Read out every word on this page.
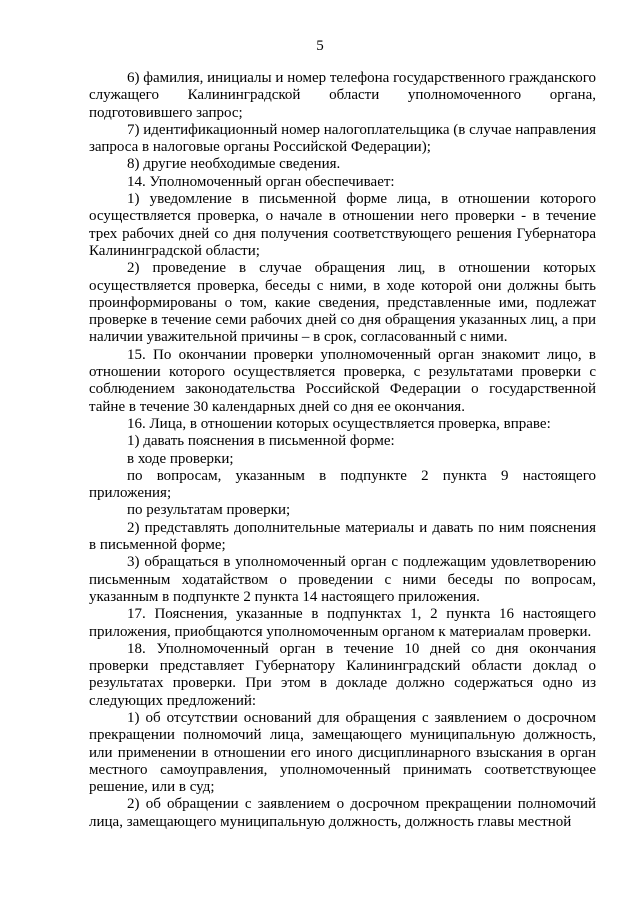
5

6) фамилия, инициалы и номер телефона государственного гражданского служащего Калининградской области уполномоченного органа, подготовившего запрос;

7) идентификационный номер налогоплательщика (в случае направления запроса в налоговые органы Российской Федерации);

8) другие необходимые сведения.

14. Уполномоченный орган обеспечивает:

1) уведомление в письменной форме лица, в отношении которого осуществляется проверка, о начале в отношении него проверки - в течение трех рабочих дней со дня получения соответствующего решения Губернатора Калининградской области;

2) проведение в случае обращения лиц, в отношении которых осуществляется проверка, беседы с ними, в ходе которой они должны быть проинформированы о том, какие сведения, представленные ими, подлежат проверке в течение семи рабочих дней со дня обращения указанных лиц, а при наличии уважительной причины – в срок, согласованный с ними.

15. По окончании проверки уполномоченный орган знакомит лицо, в отношении которого осуществляется проверка, с результатами проверки с соблюдением законодательства Российской Федерации о государственной тайне в течение 30 календарных дней со дня ее окончания.

16. Лица, в отношении которых осуществляется проверка, вправе:

1) давать пояснения в письменной форме:

в ходе проверки;

по вопросам, указанным в подпункте 2 пункта 9 настоящего приложения;

по результатам проверки;

2) представлять дополнительные материалы и давать по ним пояснения в письменной форме;

3) обращаться в уполномоченный орган с подлежащим удовлетворению письменным ходатайством о проведении с ними беседы по вопросам, указанным в подпункте 2 пункта 14 настоящего приложения.

17. Пояснения, указанные в подпунктах 1, 2 пункта 16 настоящего приложения, приобщаются уполномоченным органом к материалам проверки.

18. Уполномоченный орган в течение 10 дней со дня окончания проверки представляет Губернатору Калининградский области доклад о результатах проверки. При этом в докладе должно содержаться одно из следующих предложений:

1) об отсутствии оснований для обращения с заявлением о досрочном прекращении полномочий лица, замещающего муниципальную должность, или применении в отношении его иного дисциплинарного взыскания в орган местного самоуправления, уполномоченный принимать соответствующее решение, или в суд;

2) об обращении с заявлением о досрочном прекращении полномочий лица, замещающего муниципальную должность, должность главы местной
